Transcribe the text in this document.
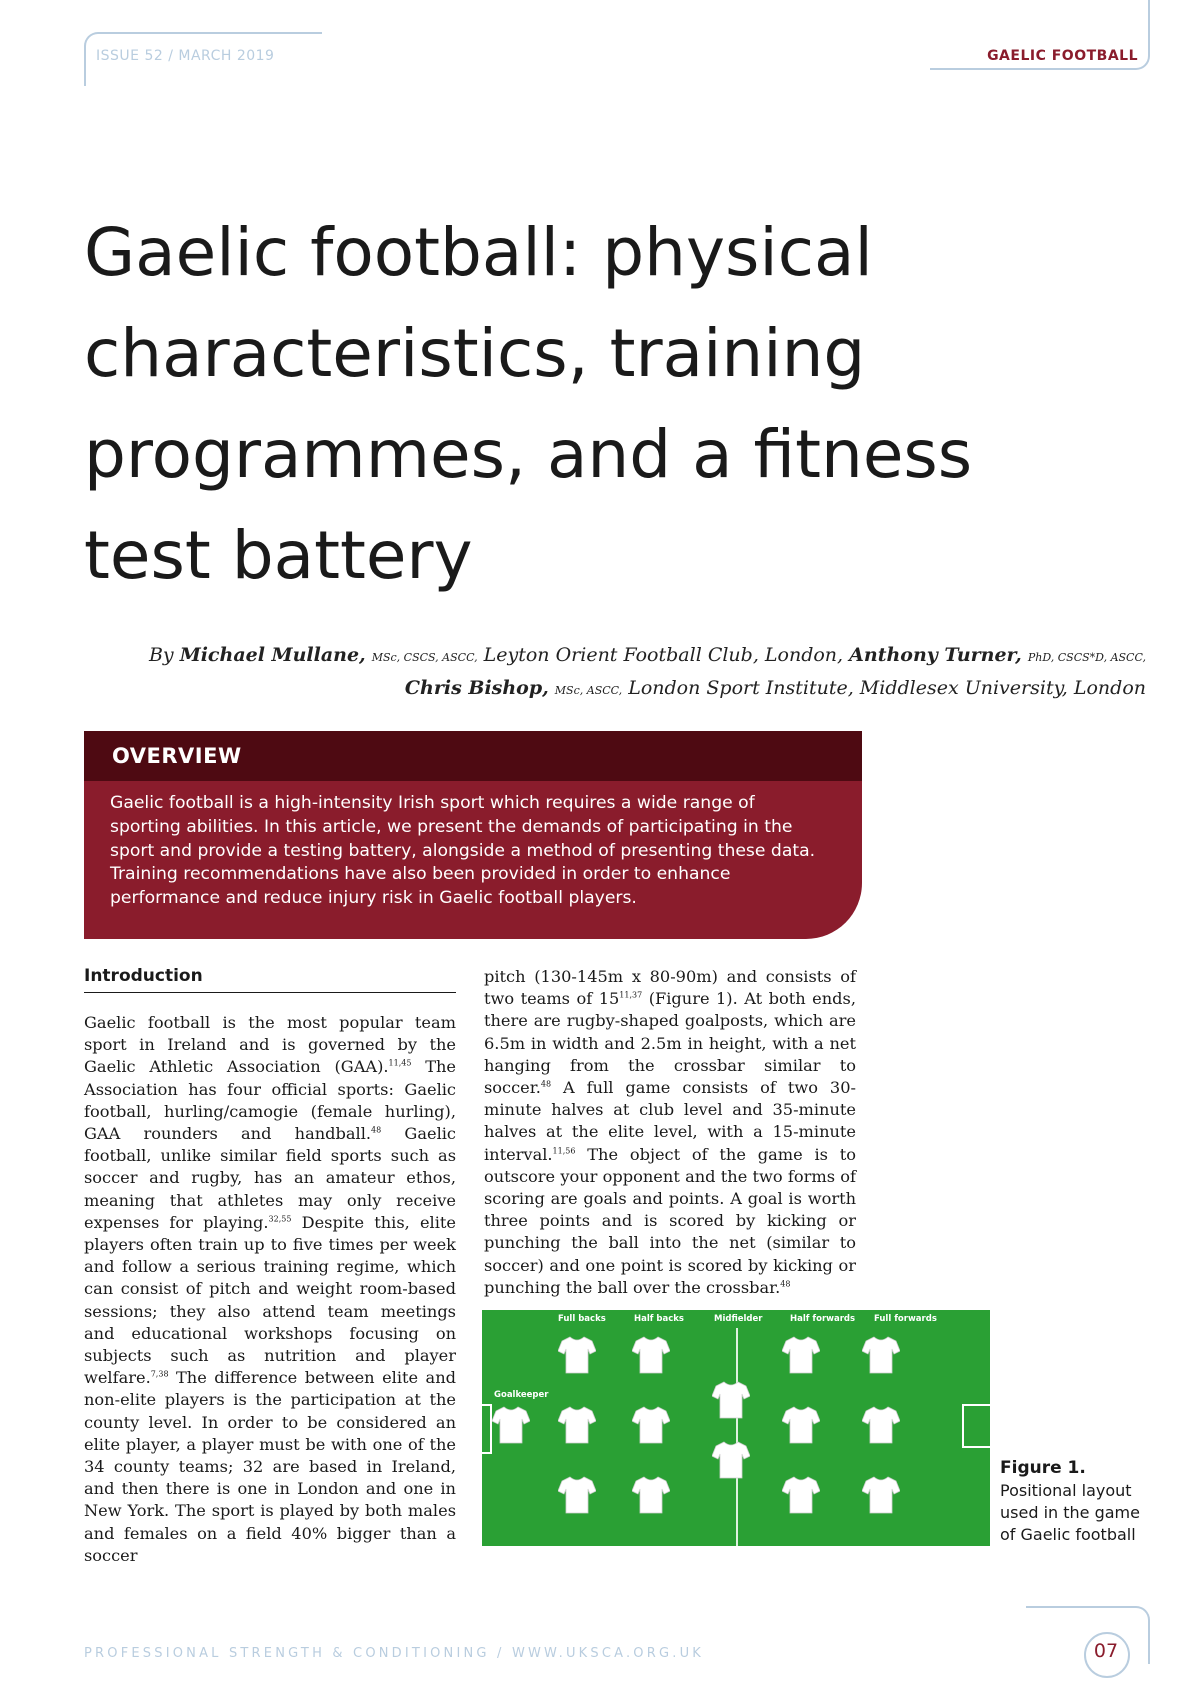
ISSUE 52 / MARCH 2019	GAELIC FOOTBALL
Gaelic football: physical
characteristics, training
programmes, and a fitness
test battery
By Michael Mullane, MSc, CSCS, ASCC, Leyton Orient Football Club, London, Anthony Turner, PhD, CSCS*D, ASCC,
Chris Bishop, MSc, ASCC, London Sport Institute, Middlesex University, London
OVERVIEW
Gaelic football is a high-intensity Irish sport which requires a wide range of sporting abilities. In this article, we present the demands of participating in the sport and provide a testing battery, alongside a method of presenting these data. Training recommendations have also been provided in order to enhance performance and reduce injury risk in Gaelic football players.
Introduction
Gaelic football is the most popular team sport in Ireland and is governed by the Gaelic Athletic Association (GAA).$^{11,45}$ The Association has four official sports: Gaelic football, hurling/camogie (female hurling), GAA rounders and handball.$^{48}$ Gaelic football, unlike similar field sports such as soccer and rugby, has an amateur ethos, meaning that athletes may only receive expenses for playing.$^{32,55}$ Despite this, elite players often train up to five times per week and follow a serious training regime, which can consist of pitch and weight room-based sessions; they also attend team meetings and educational workshops focusing on subjects such as nutrition and player welfare.$^{7,38}$ The difference between elite and non-elite players is the participation at the county level. In order to be considered an elite player, a player must be with one of the 34 county teams; 32 are based in Ireland, and then there is one in London and one in New York. The sport is played by both males and females on a field 40% bigger than a soccer
pitch (130-145m x 80-90m) and consists of two teams of 15$^{11,37}$ (Figure 1). At both ends, there are rugby-shaped goalposts, which are 6.5m in width and 2.5m in height, with a net hanging from the crossbar similar to soccer.$^{48}$ A full game consists of two 30-minute halves at club level and 35-minute halves at the elite level, with a 15-minute interval.$^{11,56}$ The object of the game is to outscore your opponent and the two forms of scoring are goals and points. A goal is worth three points and is scored by kicking or punching the ball into the net (similar to soccer) and one point is scored by kicking or punching the ball over the crossbar.$^{48}$
Full backs	Half backs	Midfielder	Half forwards Full forwards
Goalkeeper
Figure 1.
Positional layout used in the game of Gaelic football
PROFESSIONAL STRENGTH & CONDITIONING / WWW.UKSCA.ORG.UK	07
